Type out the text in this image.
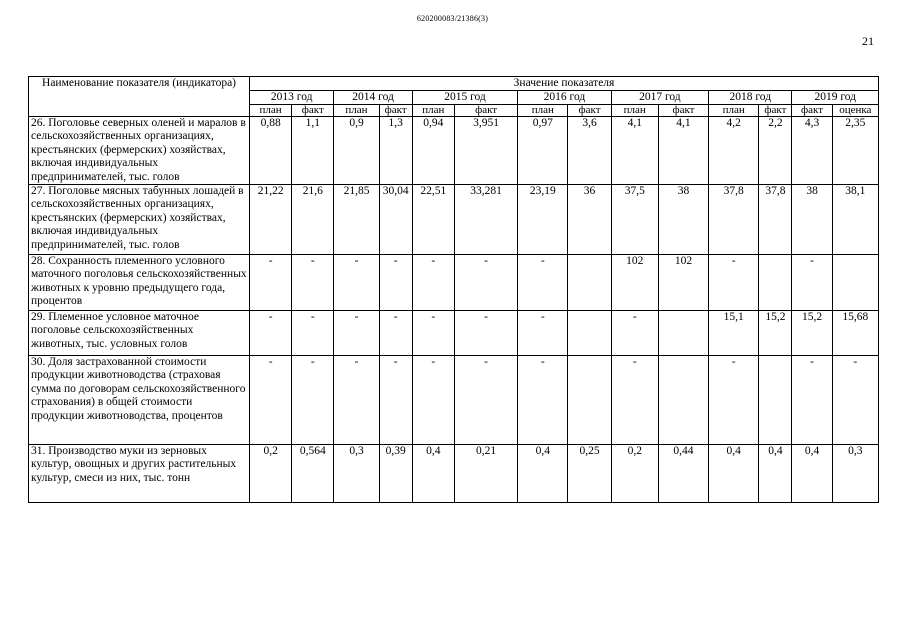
620200083/21386(3)
21
Наименование показателя (индикатора)	Значение показателя													
	2013 год		2014 год		2015 год		2016 год		2017 год		2018 год		2019 год	
	план	факт	план	факт	план	факт	план	факт	план	факт	план	факт	факт	оценка
26. Поголовье северных оленей и маралов в сельскохозяйственных организациях, крестьянских (фермерских) хозяйствах, включая индивидуальных предпринимателей, тыс. голов	0,88	1,1	0,9	1,3	0,94	3,951	0,97	3,6	4,1	4,1	4,2	2,2	4,3	2,35
27. Поголовье мясных табунных лошадей в сельскохозяйственных организациях, крестьянских (фермерских) хозяйствах, включая индивидуальных предпринимателей, тыс. голов	21,22	21,6	21,85	30,04	22,51	33,281	23,19	36	37,5	38	37,8	37,8	38	38,1
28. Сохранность племенного условного маточного поголовья сельскохозяйственных животных к уровню предыдущего года, процентов	-	-	-	-	-	-	-		102	102	-		-	
29. Племенное условное маточное поголовье сельскохозяйственных животных, тыс. условных голов	-	-	-	-	-	-	-		-		15,1	15,2	15,2	15,68
30. Доля застрахованной стоимости продукции животноводства (страховая сумма по договорам сельскохозяйственного страхования) в общей стоимости продукции животноводства, процентов	-	-	-	-	-	-	-		-		-		-	-
31. Производство муки из зерновых культур, овощных и других растительных культур, смеси из них, тыс. тонн	0,2	0,564	0,3	0,39	0,4	0,21	0,4	0,25	0,2	0,44	0,4	0,4	0,4	0,3
